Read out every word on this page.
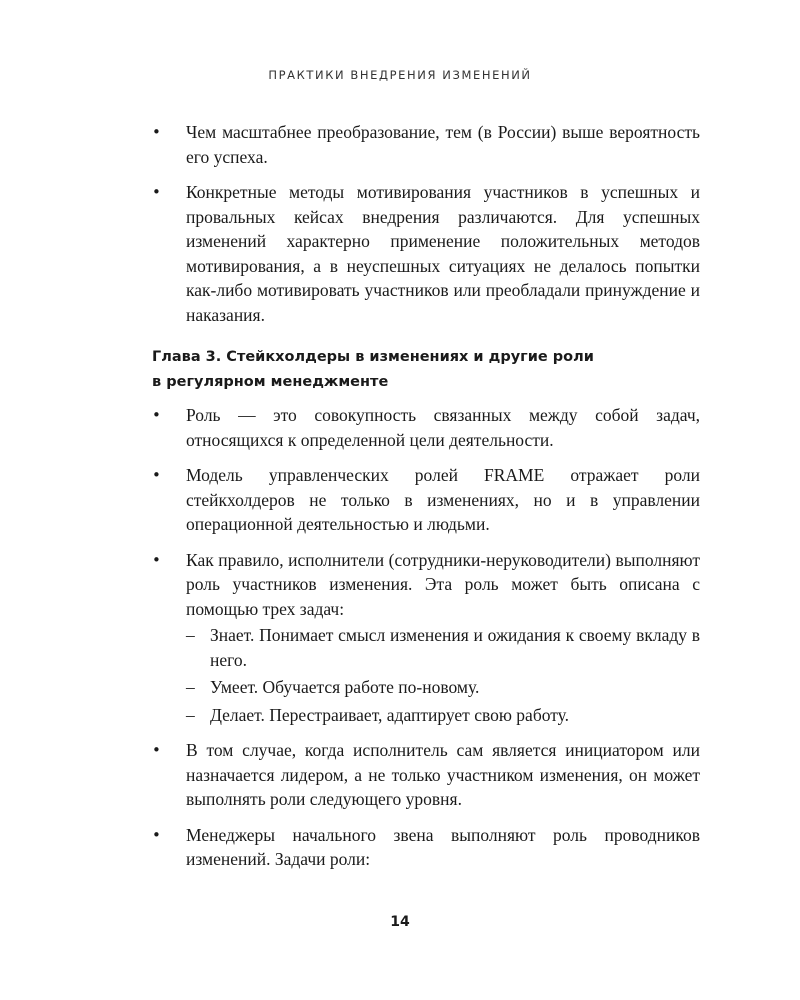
ПРАКТИКИ ВНЕДРЕНИЯ ИЗМЕНЕНИЙ
• Чем масштабнее преобразование, тем (в России) выше вероятность его успеха.
• Конкретные методы мотивирования участников в успешных и провальных кейсах внедрения различаются. Для успешных изменений характерно применение положительных методов мотивирования, а в неуспешных ситуациях не делалось попытки как-либо мотивировать участников или преобладали принуждение и наказания.
Глава 3. Стейкхолдеры в изменениях и другие роли
в регулярном менеджменте
• Роль — это совокупность связанных между собой задач, относящихся к определенной цели деятельности.
• Модель управленческих ролей FRAME отражает роли стейкхолдеров не только в изменениях, но и в управлении операционной деятельностью и людьми.
• Как правило, исполнители (сотрудники-неруководители) выполняют роль участников изменения. Эта роль может быть описана с помощью трех задач:
– Знает. Понимает смысл изменения и ожидания к своему вкладу в него.
– Умеет. Обучается работе по-новому.
– Делает. Перестраивает, адаптирует свою работу.
• В том случае, когда исполнитель сам является инициатором или назначается лидером, а не только участником изменения, он может выполнять роли следующего уровня.
• Менеджеры начального звена выполняют роль проводников изменений. Задачи роли:
14
